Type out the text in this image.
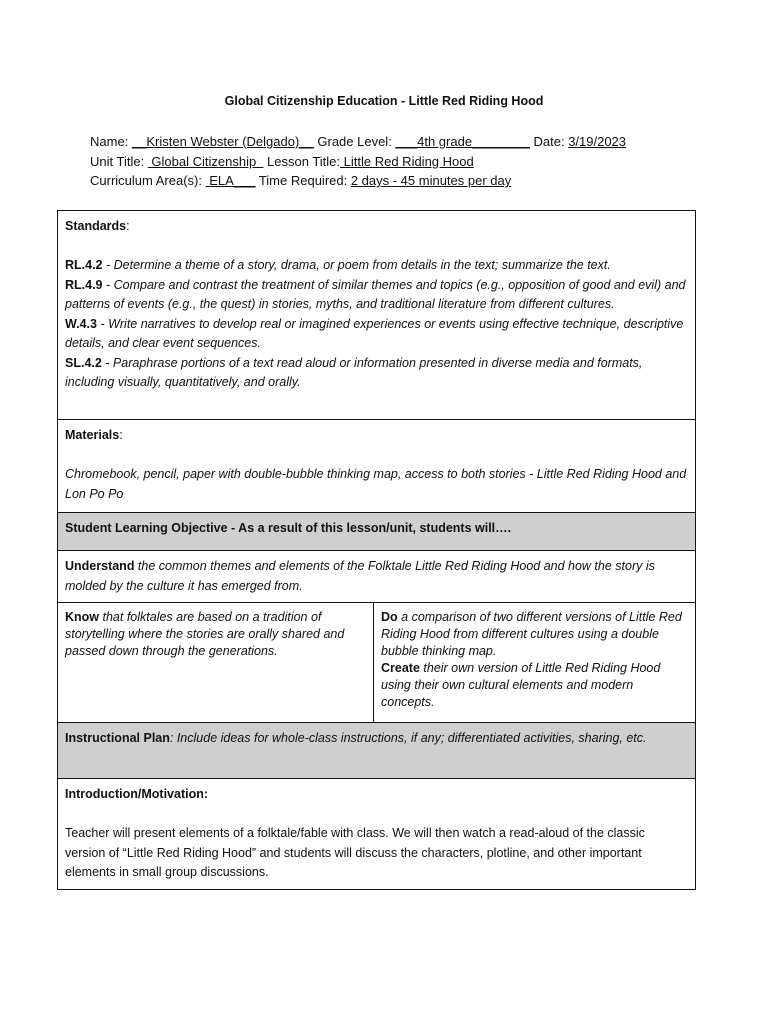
Global Citizenship Education - Little Red Riding Hood
Name: __Kristen Webster (Delgado)__ Grade Level: ___4th grade________ Date: 3/19/2023
Unit Title:  Global Citizenship   Lesson Title: Little Red Riding Hood
Curriculum Area(s):  ELA___ Time Required: 2 days - 45 minutes per day
Standards:
RL.4.2 - Determine a theme of a story, drama, or poem from details in the text; summarize the text.
RL.4.9 - Compare and contrast the treatment of similar themes and topics (e.g., opposition of good and evil) and patterns of events (e.g., the quest) in stories, myths, and traditional literature from different cultures.
W.4.3 - Write narratives to develop real or imagined experiences or events using effective technique, descriptive details, and clear event sequences.
SL.4.2 - Paraphrase portions of a text read aloud or information presented in diverse media and formats, including visually, quantitatively, and orally.

Materials:
Chromebook, pencil, paper with double-bubble thinking map, access to both stories - Little Red Riding Hood and Lon Po Po

Student Learning Objective - As a result of this lesson/unit, students will….
Understand the common themes and elements of the Folktale Little Red Riding Hood and how the story is molded by the culture it has emerged from.
Know that folktales are based on a tradition of storytelling where the stories are orally shared and passed down through the generations.	
Do a comparison of two different versions of Little Red Riding Hood from different cultures using a double bubble thinking map.
Create their own version of Little Red Riding Hood using their own cultural elements and modern concepts.

Instructional Plan: Include ideas for whole-class instructions, if any; differentiated activities, sharing, etc.

Introduction/Motivation:
Teacher will present elements of a folktale/fable with class. We will then watch a read-aloud of the classic version of “Little Red Riding Hood” and students will discuss the characters, plotline, and other important elements in small group discussions.
